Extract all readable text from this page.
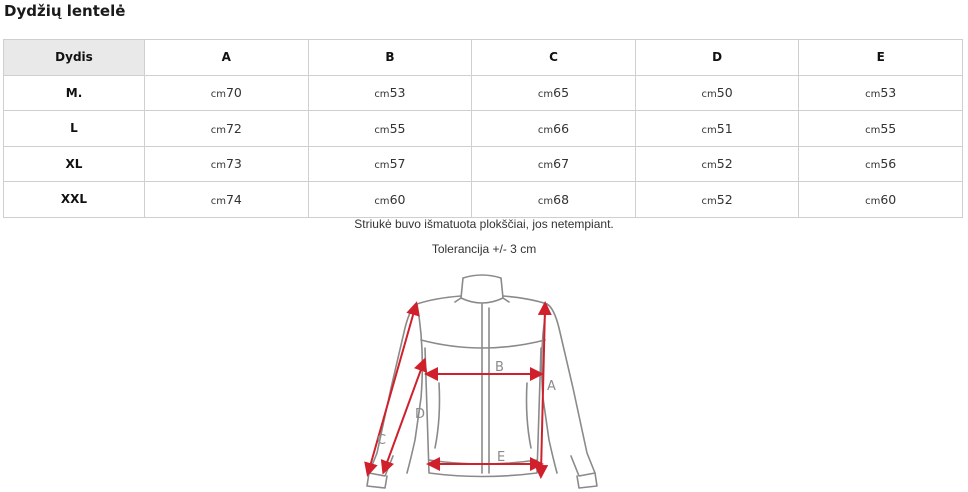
Dydžių lentelė
Dydis	A	B	C	D	E
M.	cm70	cm53	cm65	cm50	cm53
L	cm72	cm55	cm66	cm51	cm55
XL	cm73	cm57	cm67	cm52	cm56
XXL	cm74	cm60	cm68	cm52	cm60
Striukė buvo išmatuota plokščiai, jos netempiant.
Tolerancija +/- 3 cm
B
A
D
C
E
